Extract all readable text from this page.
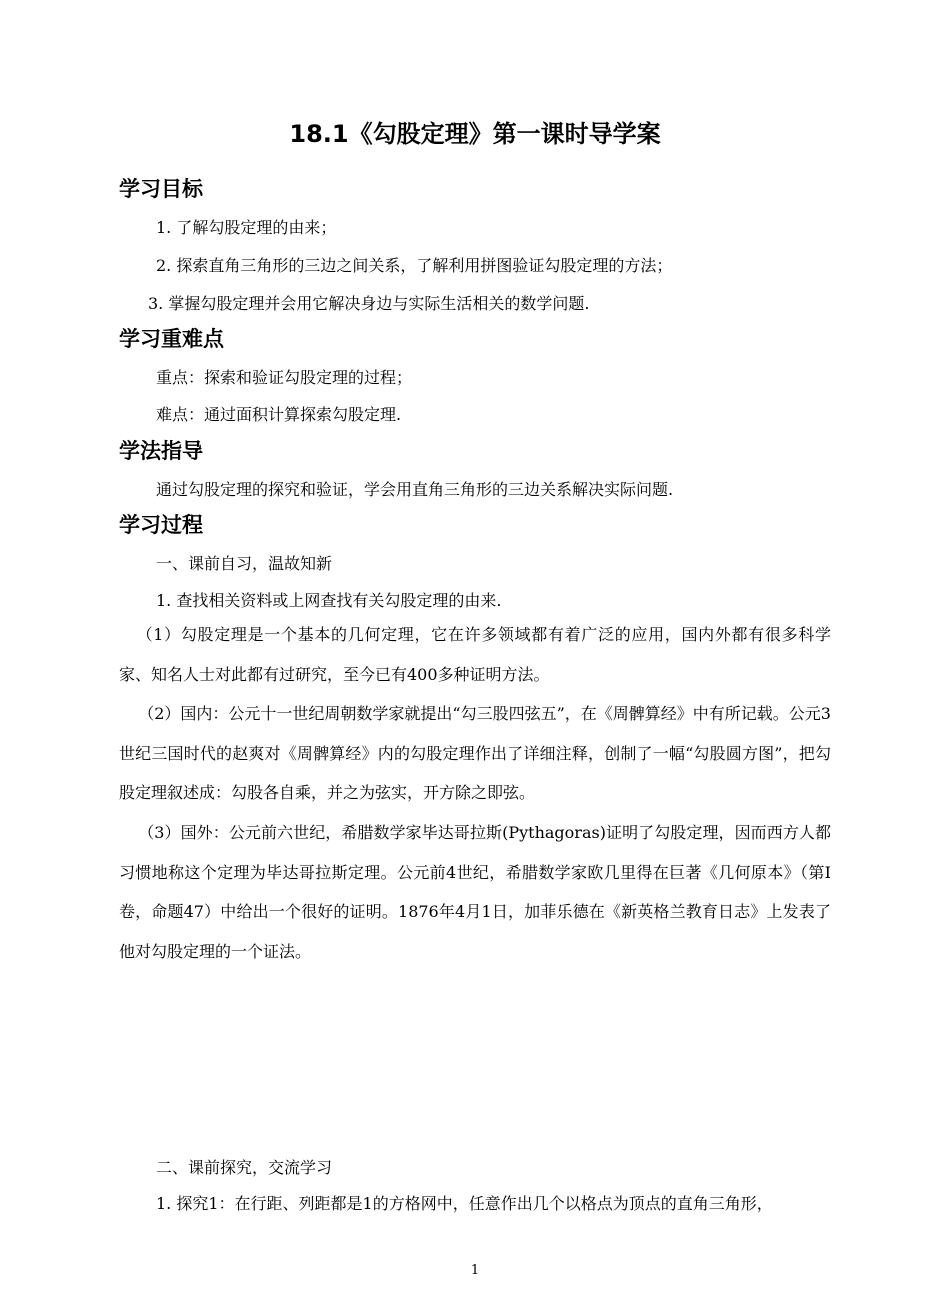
18.1《勾股定理》第一课时导学案
学习目标
1. 了解勾股定理的由来；
2. 探索直角三角形的三边之间关系，了解利用拼图验证勾股定理的方法；
3. 掌握勾股定理并会用它解决身边与实际生活相关的数学问题.
学习重难点
重点：探索和验证勾股定理的过程；
难点：通过面积计算探索勾股定理.
学法指导
通过勾股定理的探究和验证，学会用直角三角形的三边关系解决实际问题.
学习过程
一、课前自习，温故知新
1. 查找相关资料或上网查找有关勾股定理的由来.
（1）勾股定理是一个基本的几何定理，它在许多领域都有着广泛的应用，国内外都有很多科学家、知名人士对此都有过研究，至今已有400多种证明方法。
（2）国内：公元十一世纪周朝数学家就提出“勾三股四弦五”，在《周髀算经》中有所记载。公元3世纪三国时代的赵爽对《周髀算经》内的勾股定理作出了详细注释，创制了一幅“勾股圆方图”，把勾股定理叙述成：勾股各自乘，并之为弦实，开方除之即弦。
（3）国外：公元前六世纪，希腊数学家毕达哥拉斯(Pythagoras)证明了勾股定理，因而西方人都习惯地称这个定理为毕达哥拉斯定理。公元前4世纪，希腊数学家欧几里得在巨著《几何原本》（第Ⅰ卷，命题47）中给出一个很好的证明。1876年4月1日，加菲乐德在《新英格兰教育日志》上发表了他对勾股定理的一个证法。
二、课前探究，交流学习
1. 探究1：在行距、列距都是1的方格网中，任意作出几个以格点为顶点的直角三角形，
1
